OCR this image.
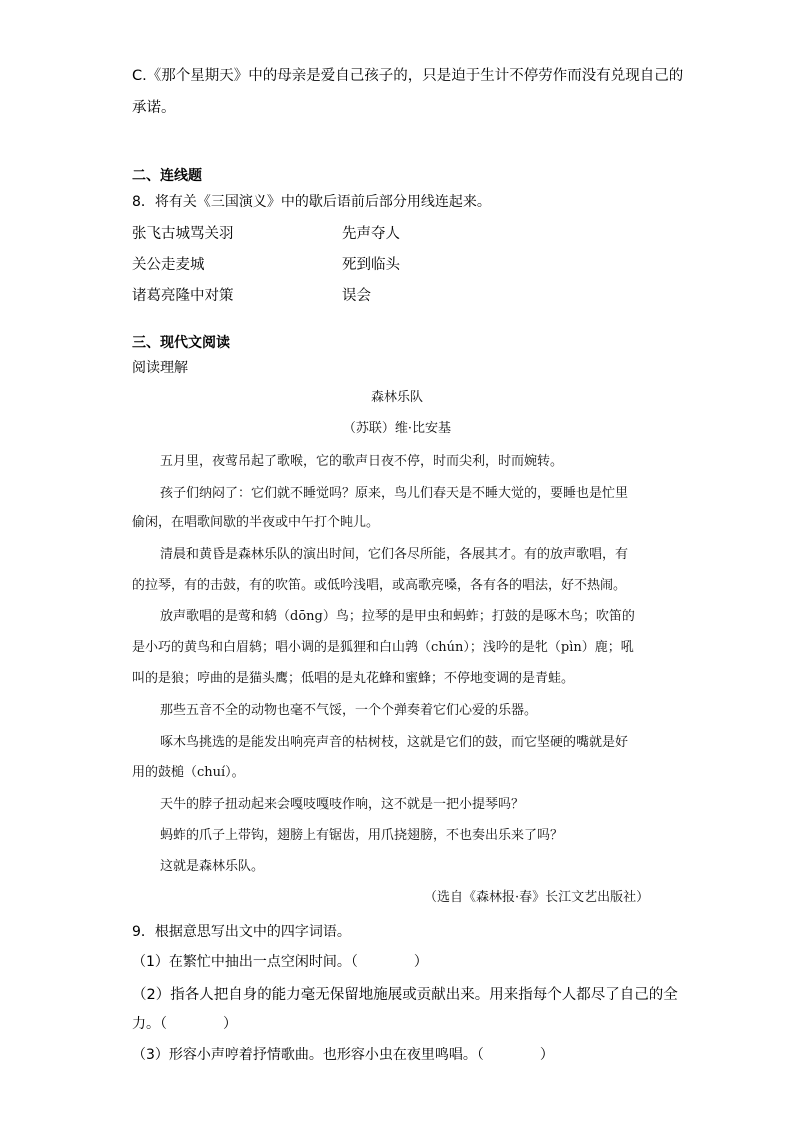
C.《那个星期天》中的母亲是爱自己孩子的，只是迫于生计不停劳作而没有兑现自己的
承诺。
二、连线题
8．将有关《三国演义》中的歇后语前后部分用线连起来。
张飞古城骂关羽	先声夺人
关公走麦城	死到临头
诸葛亮隆中对策	误会
三、现代文阅读
阅读理解
森林乐队
（苏联）维·比安基
五月里，夜莺吊起了歌喉，它的歌声日夜不停，时而尖利，时而婉转。
孩子们纳闷了：它们就不睡觉吗？原来，鸟儿们春天是不睡大觉的，要睡也是忙里
偷闲，在唱歌间歇的半夜或中午打个盹儿。
清晨和黄昏是森林乐队的演出时间，它们各尽所能，各展其才。有的放声歌唱，有
的拉琴，有的击鼓，有的吹笛。或低吟浅唱，或高歌亮嗓，各有各的唱法，好不热闹。
放声歌唱的是莺和鸫（dōng）鸟；拉琴的是甲虫和蚂蚱；打鼓的是啄木鸟；吹笛的
是小巧的黄鸟和白眉鸫；唱小调的是狐狸和白山鹑（chún）；浅吟的是牝（pìn）鹿；吼
叫的是狼；哼曲的是猫头鹰；低唱的是丸花蜂和蜜蜂；不停地变调的是青蛙。
那些五音不全的动物也毫不气馁，一个个弹奏着它们心爱的乐器。
啄木鸟挑选的是能发出响亮声音的枯树枝，这就是它们的鼓，而它坚硬的嘴就是好
用的鼓槌（chuí）。
天牛的脖子扭动起来会嘎吱嘎吱作响，这不就是一把小提琴吗？
蚂蚱的爪子上带钩，翅膀上有锯齿，用爪挠翅膀，不也奏出乐来了吗？
这就是森林乐队。
（选自《森林报·春》长江文艺出版社）
9．根据意思写出文中的四字词语。
（1）在繁忙中抽出一点空闲时间。（　　　　）
（2）指各人把自身的能力毫无保留地施展或贡献出来。用来指每个人都尽了自己的全
力。（　　　　）
（3）形容小声哼着抒情歌曲。也形容小虫在夜里鸣唱。（　　　　）
